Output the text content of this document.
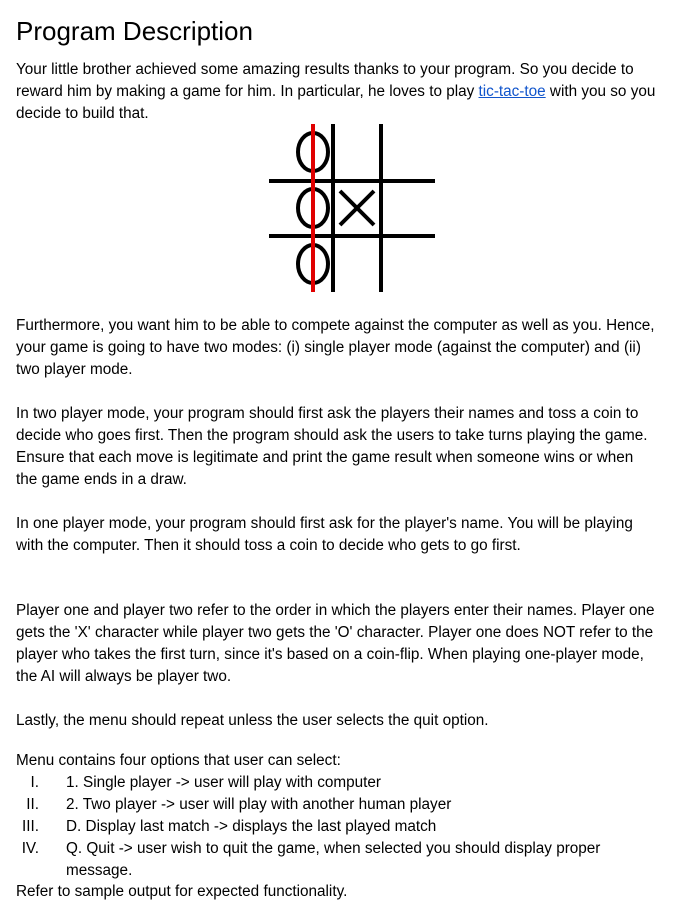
Program Description

Your little brother achieved some amazing results thanks to your program. So you decide to reward him by making a game for him. In particular, he loves to play tic-tac-toe with you so you decide to build that.

Furthermore, you want him to be able to compete against the computer as well as you. Hence, your game is going to have two modes: (i) single player mode (against the computer) and (ii) two player mode.

In two player mode, your program should first ask the players their names and toss a coin to decide who goes first. Then the program should ask the users to take turns playing the game. Ensure that each move is legitimate and print the game result when someone wins or when the game ends in a draw.

In one player mode, your program should first ask for the player's name. You will be playing with the computer. Then it should toss a coin to decide who gets to go first.

Player one and player two refer to the order in which the players enter their names. Player one gets the 'X' character while player two gets the 'O' character. Player one does NOT refer to the player who takes the first turn, since it's based on a coin-flip. When playing one-player mode, the AI will always be player two.

Lastly, the menu should repeat unless the user selects the quit option.

Menu contains four options that user can select:

I. 1. Single player -> user will play with computer
II. 2. Two player -> user will play with another human player
III. D. Display last match -> displays the last played match
IV. Q. Quit -> user wish to quit the game, when selected you should display proper message.

Refer to sample output for expected functionality.
